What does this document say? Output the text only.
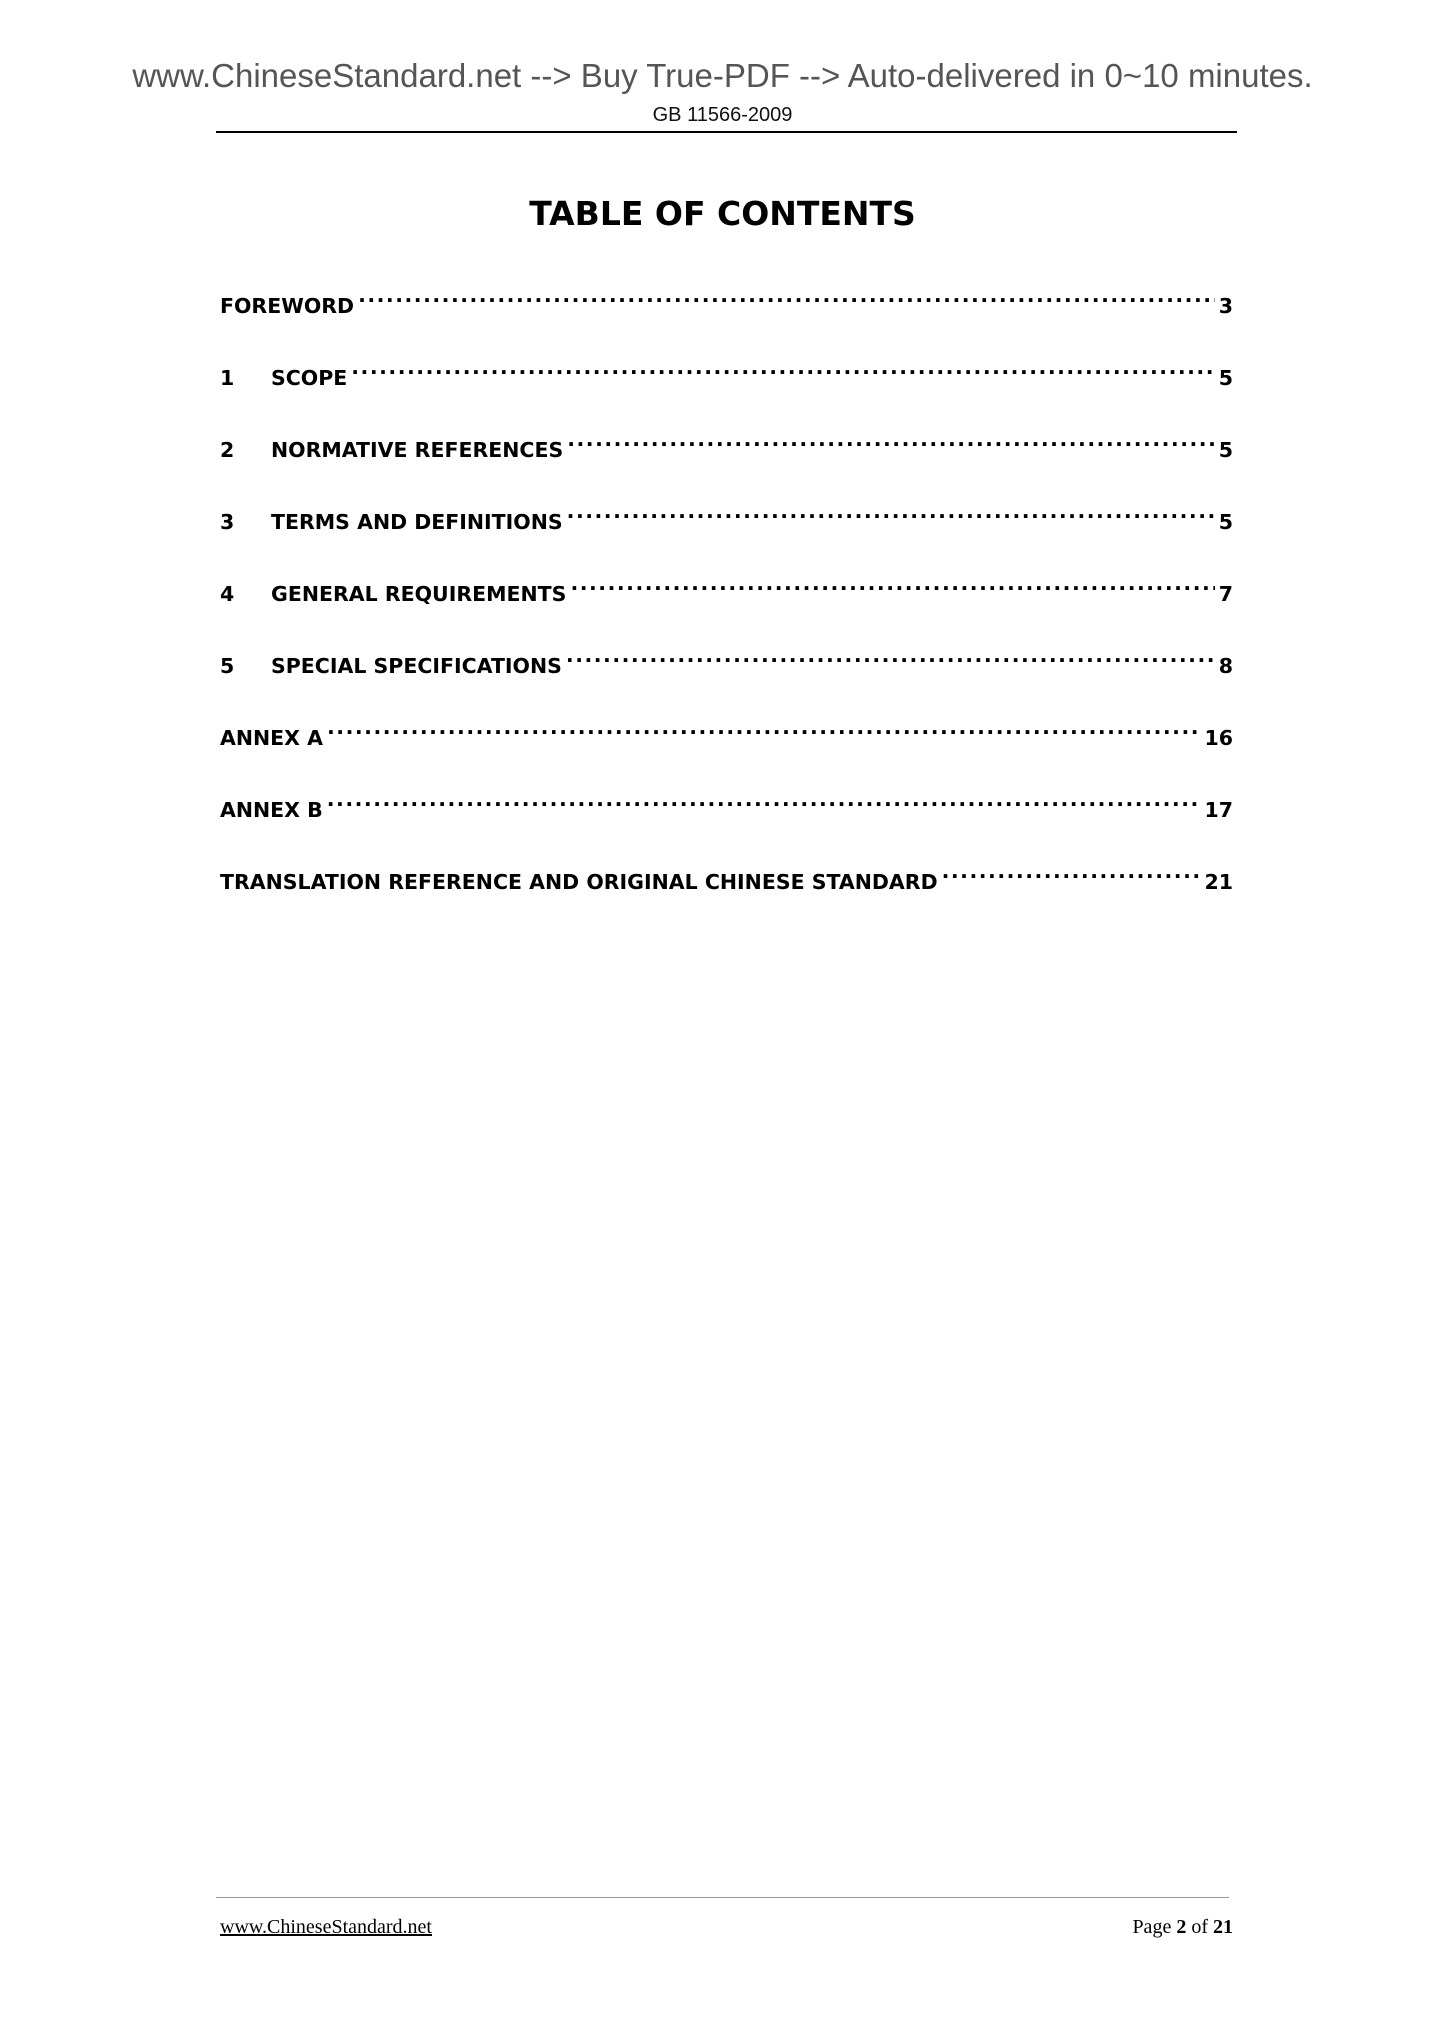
www.ChineseStandard.net --> Buy True-PDF --> Auto-delivered in 0~10 minutes.
GB 11566-2009
TABLE OF CONTENTS
FOREWORD .....	3
1	SCOPE .....	5
2	NORMATIVE REFERENCES .....	5
3	TERMS AND DEFINITIONS .....	5
4	GENERAL REQUIREMENTS .....	7
5	SPECIAL SPECIFICATIONS .....	8
ANNEX A .....	16
ANNEX B .....	17
TRANSLATION REFERENCE AND ORIGINAL CHINESE STANDARD .....	21
www.ChineseStandard.net	Page 2 of 21
